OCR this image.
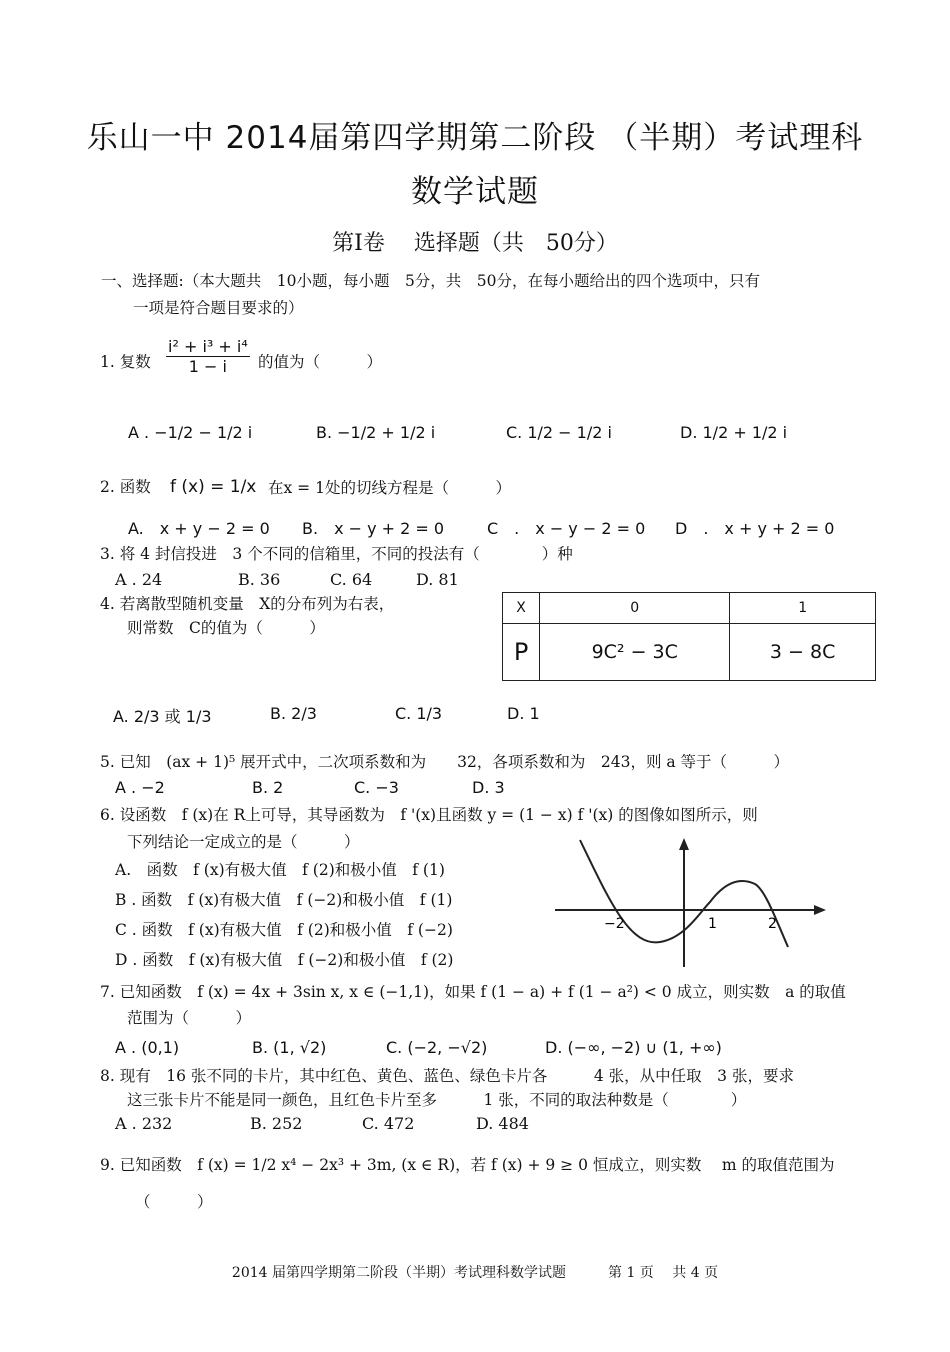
乐山一中 2014届第四学期第二阶段 （半期）考试理科
数学试题
第Ⅰ卷　 选择题（共　50分）
一、选择题:（本大题共　10小题，每小题　5分，共　50分，在每小题给出的四个选项中，只有
一项是符合题目要求的）
1. 复数 $\frac{\text{i² + i³ + i⁴}}{1 - i}$ 的值为（　　　）
A . −1/2 − 1/2 i	B. −1/2 + 1/2 i	C. 1/2 − 1/2 i	D. 1/2 + 1/2 i
2. 函数 f (x) = 1/x 在x = 1处的切线方程是（　　　）
A.　x + y − 2 = 0 B.　x − y + 2 = 0	C　.　x − y − 2 = 0 D　.　x + y + 2 = 0
3. 将 4 封信投进　3 个不同的信箱里，不同的投法有（　　　　）种
A . 24	B. 36	C. 64	D. 81
4. 若离散型随机变量　X的分布列为右表，
则常数　C的值为（　　　）
X	0	1
P	9C² − 3C	3 − 8C
A. 2/3 或 1/3	B. 2/3	C. 1/3	D. 1
5. 已知　(ax + 1)⁵ 展开式中，二次项系数和为　　32，各项系数和为　243，则 a 等于（　　　）
A . −2	B. 2	C. −3	D. 3
6. 设函数　f (x)在 R上可导，其导函数为　f '(x)且函数 y = (1 − x) f '(x) 的图像如图所示，则
下列结论一定成立的是（　　　）
A.　函数　f (x)有极大值　f (2)和极小值　f (1)
B . 函数　f (x)有极大值　f (−2)和极小值　f (1)
C . 函数　f (x)有极大值　f (2)和极小值　f (−2)
D . 函数　f (x)有极大值　f (−2)和极小值　f (2)
−2	1	2
7. 已知函数　f (x) = 4x + 3sin x, x ∈ (−1,1)，如果 f (1 − a) + f (1 − a²) < 0 成立，则实数　a 的取值
范围为（　　　）
A . (0,1)	B. (1, √2)	C. (−2, −√2)	D. (−∞, −2) ∪ (1, +∞)
8. 现有　16 张不同的卡片，其中红色、黄色、蓝色、绿色卡片各　　　4 张，从中任取　3 张，要求
这三张卡片不能是同一颜色，且红色卡片至多　　　1 张，不同的取法种数是（　　　　）
A . 232	B. 252	C. 472	D. 484
9. 已知函数　f (x) = 1/2 x⁴ − 2x³ + 3m, (x ∈ R)，若 f (x) + 9 ≥ 0 恒成立，则实数　 m 的取值范围为
（　　　）
2014 届第四学期第二阶段（半期）考试理科数学试题　　　第 1 页　 共 4 页
